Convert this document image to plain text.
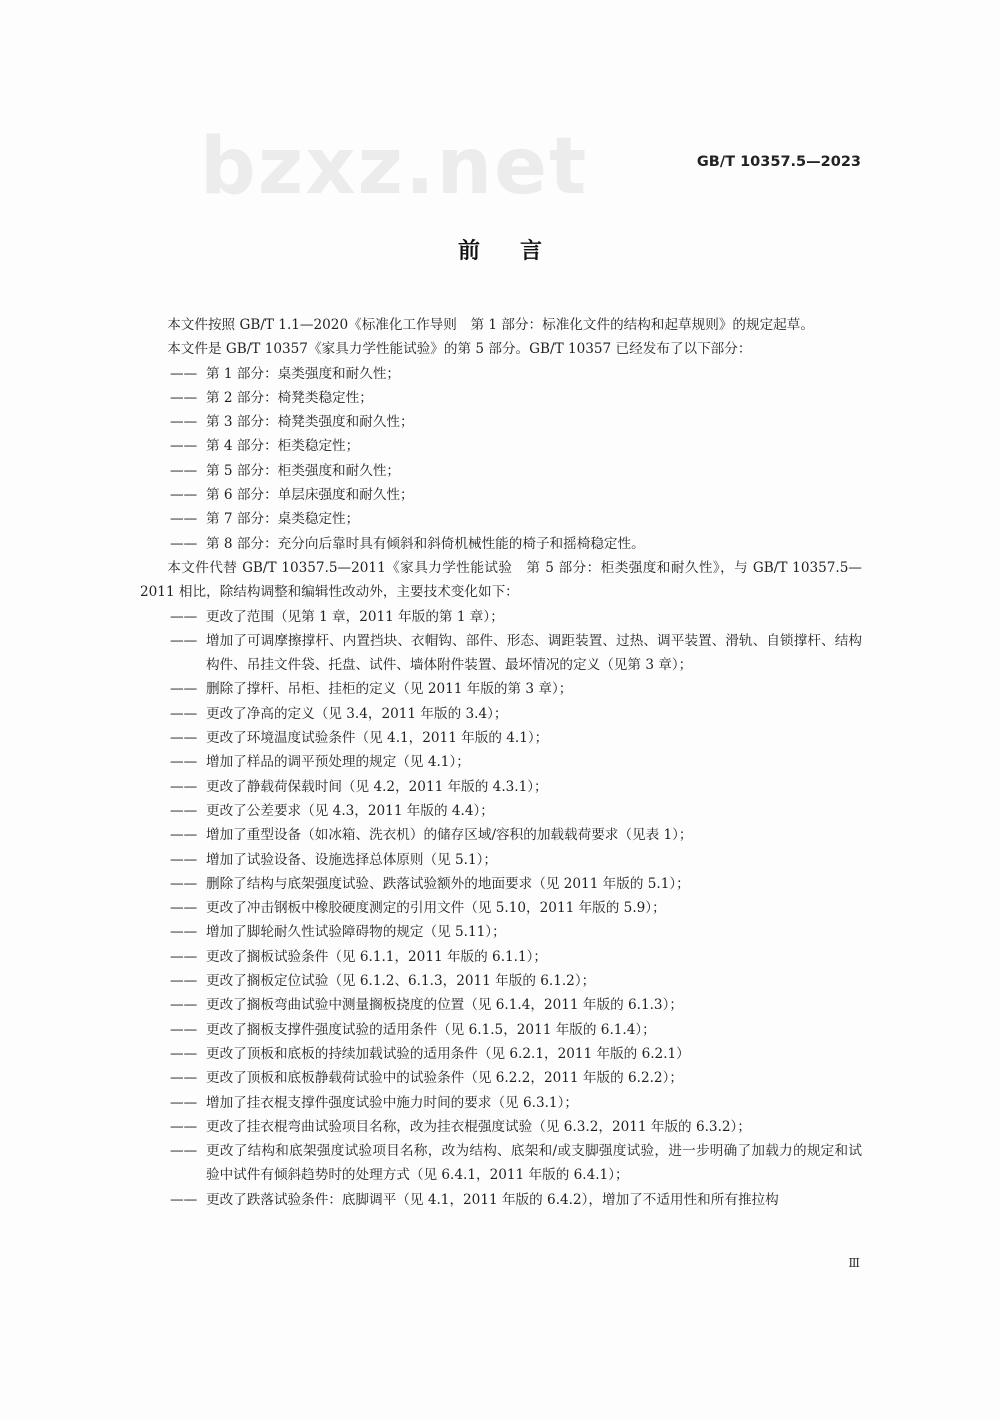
bzxz.net	GB/T 10357.5—2023
前言

本文件按照 GB/T 1.1—2020《标准化工作导则　第 1 部分：标准化文件的结构和起草规则》的规定起草。

本文件是 GB/T 10357《家具力学性能试验》的第 5 部分。GB/T 10357 已经发布了以下部分：

—— 第 1 部分：桌类强度和耐久性；
—— 第 2 部分：椅凳类稳定性；
—— 第 3 部分：椅凳类强度和耐久性；
—— 第 4 部分：柜类稳定性；
—— 第 5 部分：柜类强度和耐久性；
—— 第 6 部分：单层床强度和耐久性；
—— 第 7 部分：桌类稳定性；
—— 第 8 部分：充分向后靠时具有倾斜和斜倚机械性能的椅子和摇椅稳定性。

本文件代替 GB/T 10357.5—2011《家具力学性能试验　第 5 部分：柜类强度和耐久性》，与 GB/T 10357.5—2011 相比，除结构调整和编辑性改动外，主要技术变化如下：

—— 更改了范围（见第 1 章，2011 年版的第 1 章）；
—— 增加了可调摩擦撑杆、内置挡块、衣帽钩、部件、形态、调距装置、过热、调平装置、滑轨、自锁撑杆、结构构件、吊挂文件袋、托盘、试件、墙体附件装置、最坏情况的定义（见第 3 章）；
—— 删除了撑杆、吊柜、挂柜的定义（见 2011 年版的第 3 章）；
—— 更改了净高的定义（见 3.4，2011 年版的 3.4）；
—— 更改了环境温度试验条件（见 4.1，2011 年版的 4.1）；
—— 增加了样品的调平预处理的规定（见 4.1）；
—— 更改了静载荷保载时间（见 4.2，2011 年版的 4.3.1）；
—— 更改了公差要求（见 4.3，2011 年版的 4.4）；
—— 增加了重型设备（如冰箱、洗衣机）的储存区域/容积的加载载荷要求（见表 1）；
—— 增加了试验设备、设施选择总体原则（见 5.1）；
—— 删除了结构与底架强度试验、跌落试验额外的地面要求（见 2011 年版的 5.1）；
—— 更改了冲击钢板中橡胶硬度测定的引用文件（见 5.10，2011 年版的 5.9）；
—— 增加了脚轮耐久性试验障碍物的规定（见 5.11）；
—— 更改了搁板试验条件（见 6.1.1，2011 年版的 6.1.1）；
—— 更改了搁板定位试验（见 6.1.2、6.1.3，2011 年版的 6.1.2）；
—— 更改了搁板弯曲试验中测量搁板挠度的位置（见 6.1.4，2011 年版的 6.1.3）；
—— 更改了搁板支撑件强度试验的适用条件（见 6.1.5，2011 年版的 6.1.4）；
—— 更改了顶板和底板的持续加载试验的适用条件（见 6.2.1，2011 年版的 6.2.1）
—— 更改了顶板和底板静载荷试验中的试验条件（见 6.2.2，2011 年版的 6.2.2）；
—— 增加了挂衣棍支撑件强度试验中施力时间的要求（见 6.3.1）；
—— 更改了挂衣棍弯曲试验项目名称，改为挂衣棍强度试验（见 6.3.2，2011 年版的 6.3.2）；
—— 更改了结构和底架强度试验项目名称，改为结构、底架和/或支脚强度试验，进一步明确了加载力的规定和试验中试件有倾斜趋势时的处理方式（见 6.4.1，2011 年版的 6.4.1）；
—— 更改了跌落试验条件：底脚调平（见 4.1，2011 年版的 6.4.2），增加了不适用性和所有推拉构
Ⅲ
